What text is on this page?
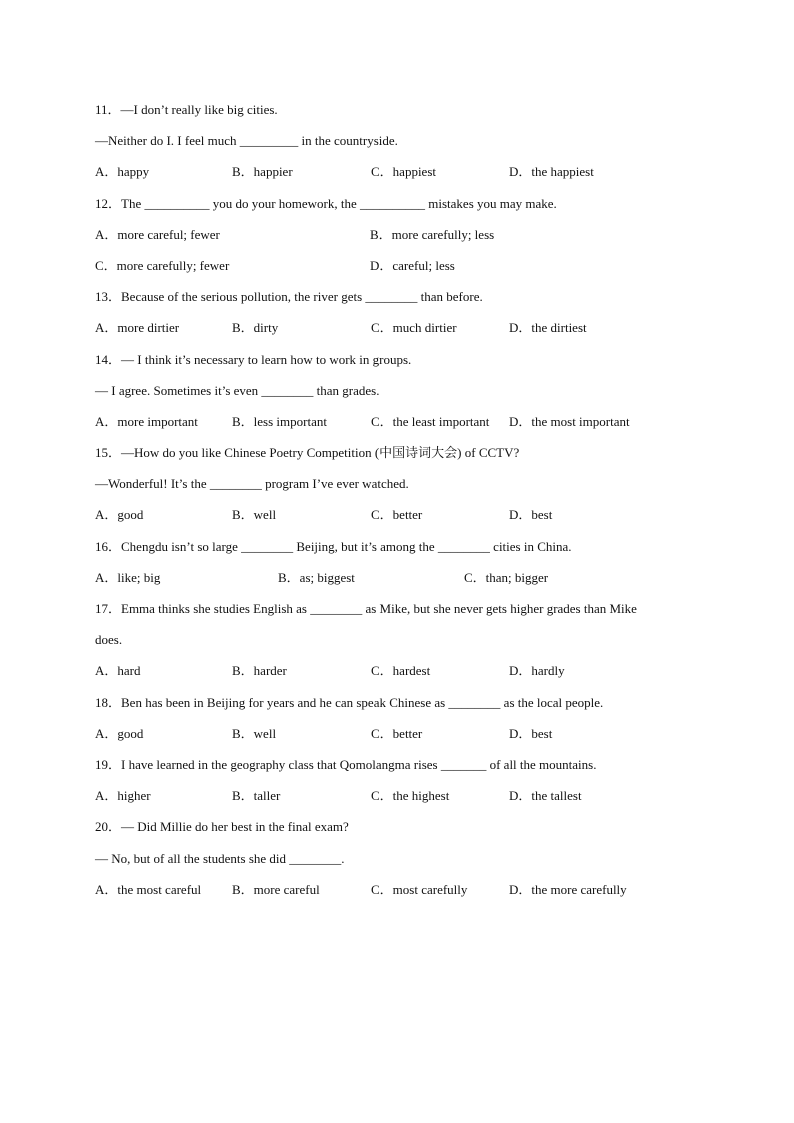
11．—I don’t really like big cities.
—Neither do I. I feel much _________ in the countryside.
A．happy	B．happier	C．happiest	D．the happiest
12．The __________ you do your homework, the __________ mistakes you may make.
A．more careful; fewer	B．more carefully; less
C．more carefully; fewer	D．careful; less
13．Because of the serious pollution, the river gets ________ than before.
A．more dirtier	B．dirty	C．much dirtier	D．the dirtiest
14．— I think it’s necessary to learn how to work in groups.
— I agree. Sometimes it’s even ________ than grades.
A．more important	B．less important	C．the least important D．the most important
15．—How do you like Chinese Poetry Competition (中国诗词大会) of CCTV?
—Wonderful! It’s the ________ program I’ve ever watched.
A．good	B．well	C．better	D．best
16．Chengdu isn’t so large ________ Beijing, but it’s among the ________ cities in China.
A．like; big	B．as; biggest	C．than; bigger
17．Emma thinks she studies English as ________ as Mike, but she never gets higher grades than Mike
does.
A．hard	B．harder	C．hardest	D．hardly
18．Ben has been in Beijing for years and he can speak Chinese as ________ as the local people.
A．good	B．well	C．better	D．best
19．I have learned in the geography class that Qomolangma rises _______ of all the mountains.
A．higher	B．taller	C．the highest	D．the tallest
20．— Did Millie do her best in the final exam?
— No, but of all the students she did ________.
A．the most careful B．more careful	C．most carefully	D．the more carefully
